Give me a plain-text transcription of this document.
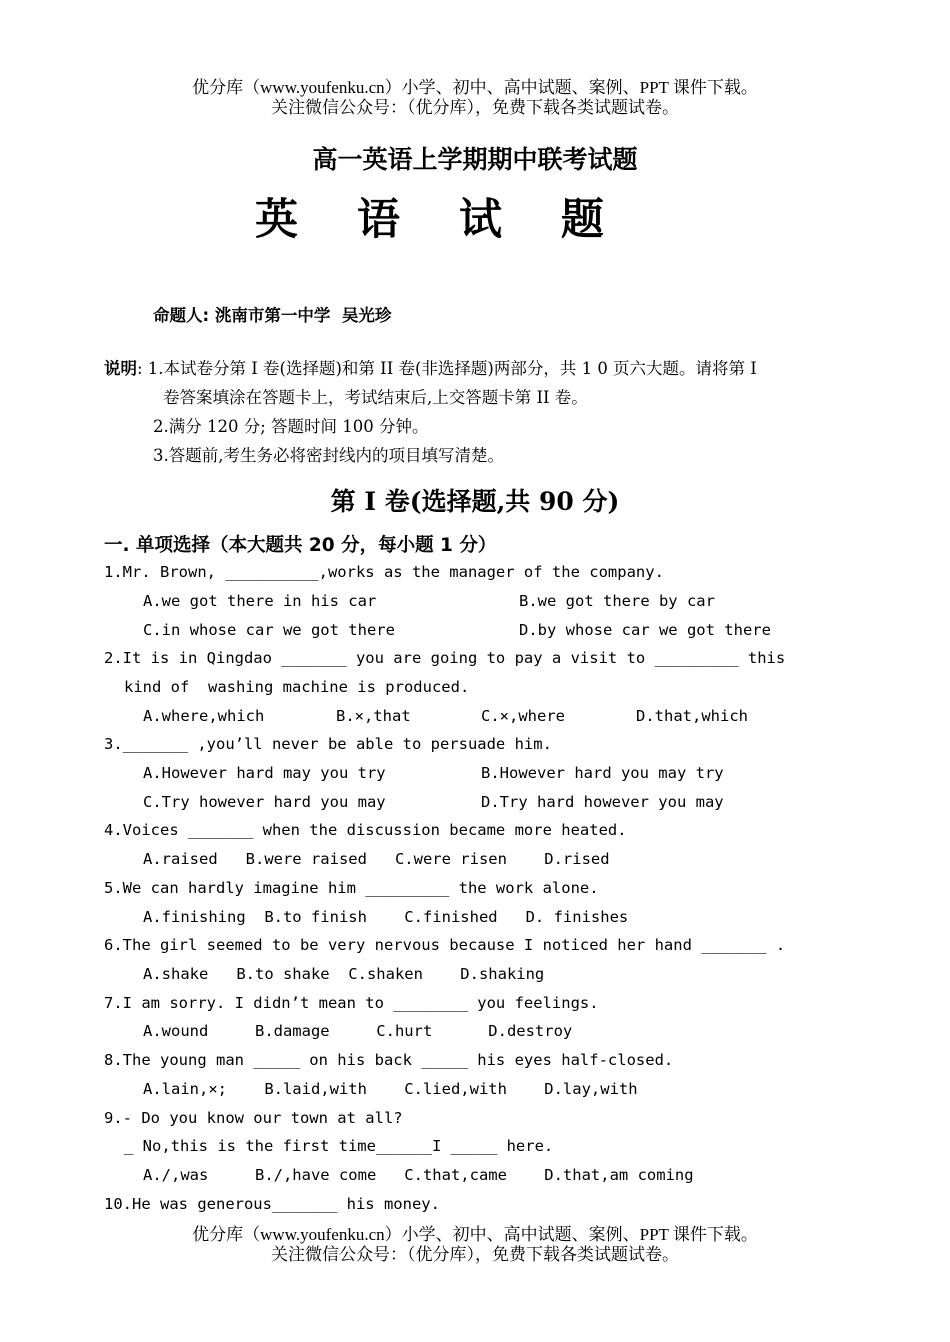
优分库（www.youfenku.cn）小学、初中、高中试题、案例、PPT 课件下载。
关注微信公众号：（优分库），免费下载各类试题试卷。
高一英语上学期期中联考试题
英 语 试 题
命题人: 洮南市第一中学  吴光珍
说明: 1.本试卷分第 I 卷(选择题)和第 II 卷(非选择题)两部分，共 1 0 页六大题。请将第 I
卷答案填涂在答题卡上，考试结束后,上交答题卡第 II 卷。
2.满分 120 分; 答题时间 100 分钟。
3.答题前,考生务必将密封线内的项目填写清楚。
第 I 卷(选择题,共 90 分)
一. 单项选择（本大题共 20 分，每小题 1 分）
1.Mr. Brown, __________,works as the manager of the company.
A.we got there in his car	B.we got there by car
C.in whose car we got there	D.by whose car we got there
2.It is in Qingdao _______ you are going to pay a visit to _________ this
kind of  washing machine is produced.
A.where,which	B.×,that	C.×,where	D.that,which
3._______ ,you’ll never be able to persuade him.
A.However hard may you try	B.However hard you may try
C.Try however hard you may	D.Try hard however you may
4.Voices _______ when the discussion became more heated.
A.raised   B.were raised   C.were risen    D.rised
5.We can hardly imagine him _________ the work alone.
A.finishing  B.to finish    C.finished   D. finishes
6.The girl seemed to be very nervous because I noticed her hand _______ .
A.shake   B.to shake  C.shaken    D.shaking
7.I am sorry. I didn’t mean to ________ you feelings.
A.wound     B.damage     C.hurt      D.destroy
8.The young man _____ on his back _____ his eyes half-closed.
A.lain,×;    B.laid,with    C.lied,with    D.lay,with
9.- Do you know our town at all?
_ No,this is the first time______I _____ here.
A./,was     B./,have come   C.that,came    D.that,am coming
10.He was generous_______ his money.
优分库（www.youfenku.cn）小学、初中、高中试题、案例、PPT 课件下载。
关注微信公众号：（优分库），免费下载各类试题试卷。
